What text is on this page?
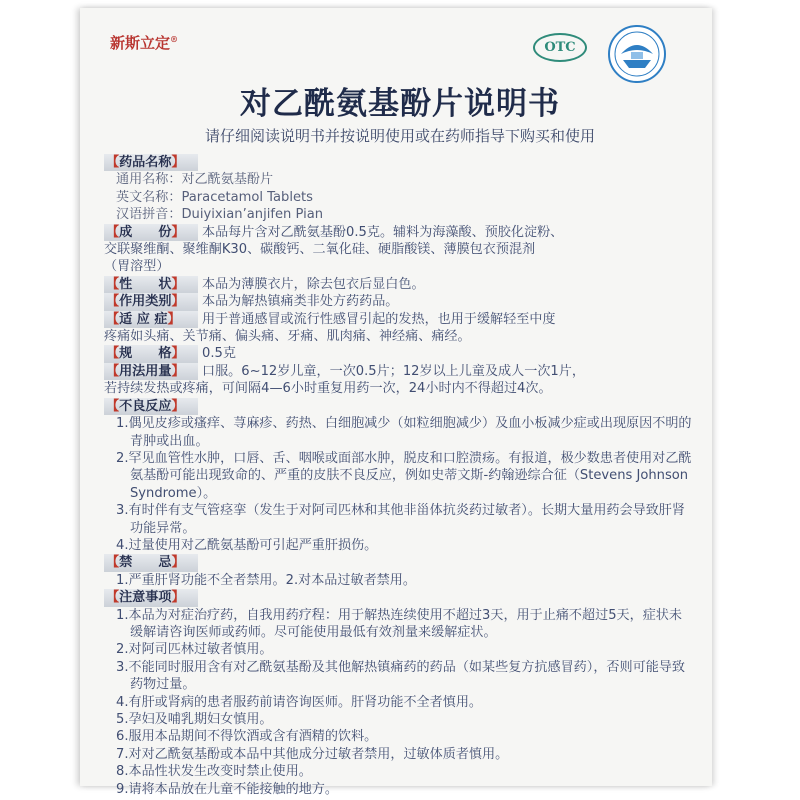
新斯立定®
OTC
对乙酰氨基酚片说明书
请仔细阅读说明书并按说明使用或在药师指导下购买和使用
【药品名称】
通用名称：对乙酰氨基酚片
英文名称：Paracetamol Tablets
汉语拼音：Duiyixian’anjifen Pian
【成　　份】	本品每片含对乙酰氨基酚0.5克。辅料为海藻酸、预胶化淀粉、
交联聚维酮、聚维酮K30、碳酸钙、二氧化硅、硬脂酸镁、薄膜包衣预混剂
（胃溶型）
【性　　状】	本品为薄膜衣片，除去包衣后显白色。
【作用类别】	本品为解热镇痛类非处方药药品。
【适 应 症】	用于普通感冒或流行性感冒引起的发热，也用于缓解轻至中度
疼痛如头痛、关节痛、偏头痛、牙痛、肌肉痛、神经痛、痛经。
【规　　格】	0.5克
【用法用量】	口服。6~12岁儿童，一次0.5片；12岁以上儿童及成人一次1片，
若持续发热或疼痛，可间隔4—6小时重复用药一次，24小时内不得超过4次。
【不良反应】
1.偶见皮疹或瘙痒、荨麻疹、药热、白细胞减少（如粒细胞减少）及血小板减少症或出现原因不明的青肿或出血。
2.罕见血管性水肿，口唇、舌、咽喉或面部水肿，脱皮和口腔溃疡。有报道，极少数患者使用对乙酰氨基酚可能出现致命的、严重的皮肤不良反应，例如史蒂文斯-约翰逊综合征（Stevens Johnson Syndrome）。
3.有时伴有支气管痉挛（发生于对阿司匹林和其他非甾体抗炎药过敏者）。长期大量用药会导致肝肾功能异常。
4.过量使用对乙酰氨基酚可引起严重肝损伤。
【禁　　忌】
1.严重肝肾功能不全者禁用。2.对本品过敏者禁用。
【注意事项】
1.本品为对症治疗药，自我用药疗程：用于解热连续使用不超过3天，用于止痛不超过5天，症状未缓解请咨询医师或药师。尽可能使用最低有效剂量来缓解症状。
2.对阿司匹林过敏者慎用。
3.不能同时服用含有对乙酰氨基酚及其他解热镇痛药的药品（如某些复方抗感冒药），否则可能导致药物过量。
4.有肝或肾病的患者服药前请咨询医师。肝肾功能不全者慎用。
5.孕妇及哺乳期妇女慎用。
6.服用本品期间不得饮酒或含有酒精的饮料。
7.对对乙酰氨基酚或本品中其他成分过敏者禁用，过敏体质者慎用。
8.本品性状发生改变时禁止使用。
9.请将本品放在儿童不能接触的地方。
